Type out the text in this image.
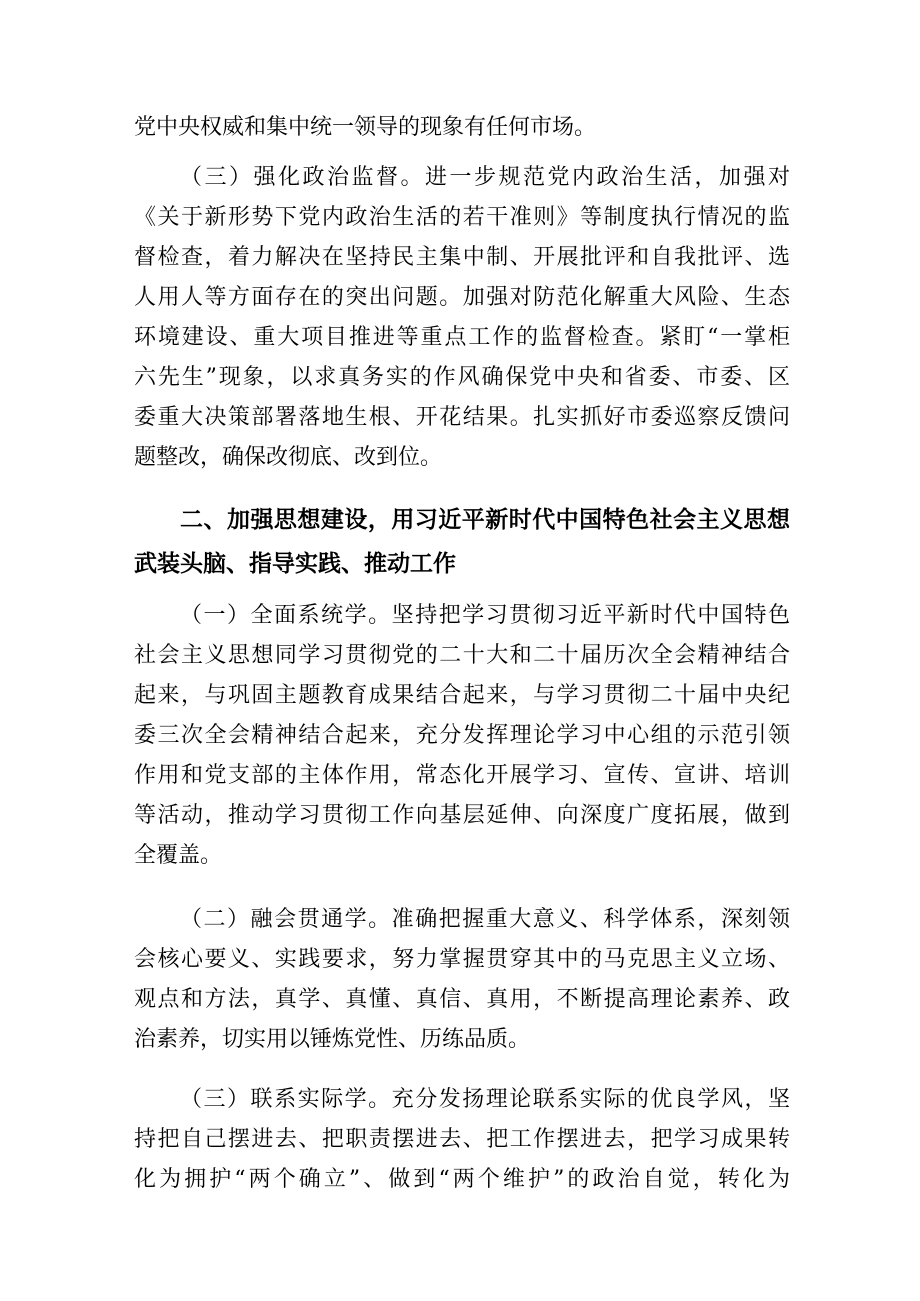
党中央权威和集中统一领导的现象有任何市场。
（三）强化政治监督。进一步规范党内政治生活，加强对
《关于新形势下党内政治生活的若干准则》等制度执行情况的监
督检查，着力解决在坚持民主集中制、开展批评和自我批评、选
人用人等方面存在的突出问题。加强对防范化解重大风险、生态
环境建设、重大项目推进等重点工作的监督检查。紧盯“一掌柜
六先生”现象，以求真务实的作风确保党中央和省委、市委、区
委重大决策部署落地生根、开花结果。扎实抓好市委巡察反馈问
题整改，确保改彻底、改到位。
二、加强思想建设，用习近平新时代中国特色社会主义思想
武装头脑、指导实践、推动工作
（一）全面系统学。坚持把学习贯彻习近平新时代中国特色
社会主义思想同学习贯彻党的二十大和二十届历次全会精神结合
起来，与巩固主题教育成果结合起来，与学习贯彻二十届中央纪
委三次全会精神结合起来，充分发挥理论学习中心组的示范引领
作用和党支部的主体作用，常态化开展学习、宣传、宣讲、培训
等活动，推动学习贯彻工作向基层延伸、向深度广度拓展，做到
全覆盖。
（二）融会贯通学。准确把握重大意义、科学体系，深刻领
会核心要义、实践要求，努力掌握贯穿其中的马克思主义立场、
观点和方法，真学、真懂、真信、真用，不断提高理论素养、政
治素养，切实用以锤炼党性、历练品质。
（三）联系实际学。充分发扬理论联系实际的优良学风，坚
持把自己摆进去、把职责摆进去、把工作摆进去，把学习成果转
化为拥护“两个确立”、做到“两个维护”的政治自觉，转化为
